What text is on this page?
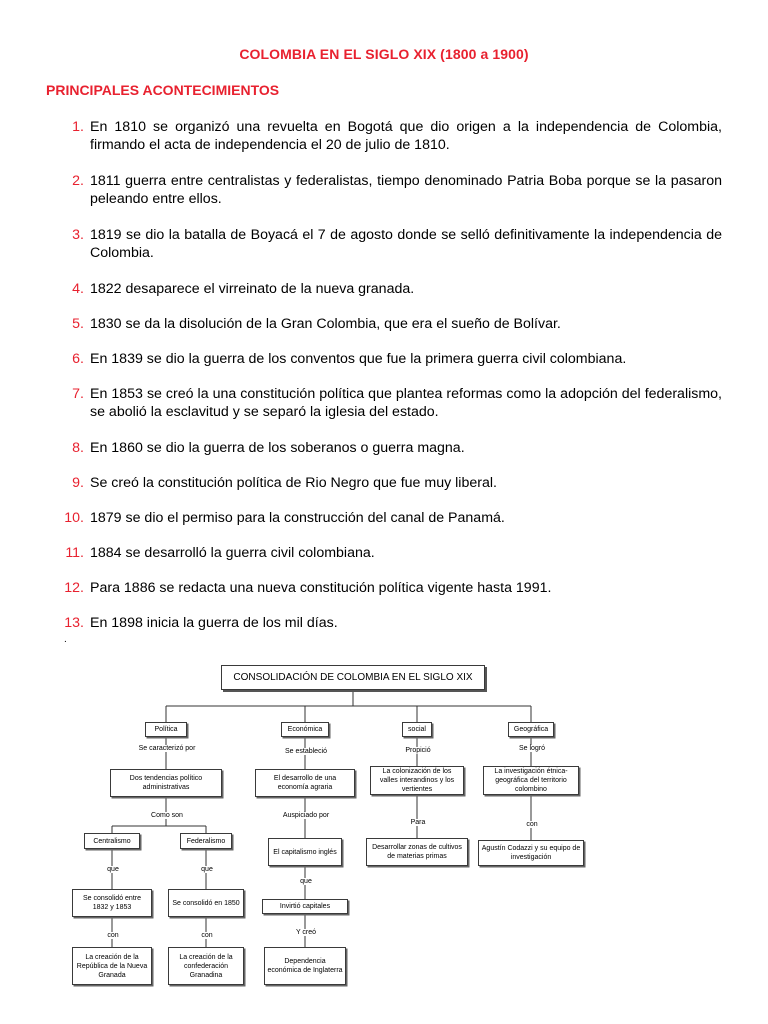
COLOMBIA EN EL SIGLO XIX (1800 a 1900)
PRINCIPALES ACONTECIMIENTOS
1. En 1810 se organizó una revuelta en Bogotá que dio origen a la independencia de Colombia, firmando el acta de independencia el 20 de julio de 1810.
2. 1811 guerra entre centralistas y federalistas, tiempo denominado Patria Boba porque se la pasaron peleando entre ellos.
3. 1819 se dio la batalla de Boyacá el 7 de agosto donde se selló definitivamente la independencia de Colombia.
4. 1822 desaparece el virreinato de la nueva granada.
5. 1830 se da la disolución de la Gran Colombia, que era el sueño de Bolívar.
6. En 1839 se dio la guerra de los conventos que fue la primera guerra civil colombiana.
7. En 1853 se creó la una constitución política que plantea reformas como la adopción del federalismo, se abolió la esclavitud y se separó la iglesia del estado.
8. En 1860 se dio la guerra de los soberanos o guerra magna.
9. Se creó la constitución política de Rio Negro que fue muy liberal.
10. 1879 se dio el permiso para la construcción del canal de Panamá.
11. 1884 se desarrolló la guerra civil colombiana.
12. Para 1886 se redacta una nueva constitución política vigente hasta 1991.
13. En 1898 inicia la guerra de los mil días.
.
CONSOLIDACIÓN DE COLOMBIA EN EL SIGLO XIX
Política	Económica	social	Geográfica
Se caracterizó por	Se estableció	Propició	Se logró
Dos tendencias político administrativas
El desarrollo de una economía agraria
La colonización de los valles interandinos y los vertientes
La investigación étnica-geográfica del territorio colombino
Como son	Auspiciado por
Para	con
Centralismo	Federalismo
El capitalismo inglés
Desarrollar zonas de cultivos de materias primas
Agustín Codazzi y su equipo de investigación
que	que
que
Se consolidó entre 1832 y 1853
Se consolidó en 1850	Invirtió capitales
con	con	Y creó
La creación de la República de la Nueva Granada
La creación de la confederación Granadina
Dependencia económica de Inglaterra
